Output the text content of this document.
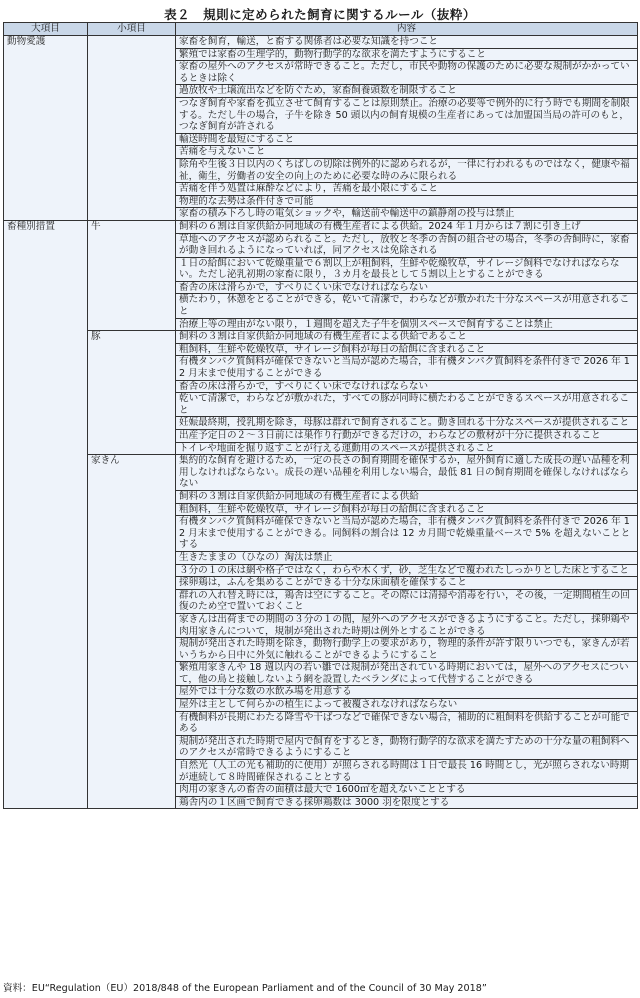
表２　規則に定められた飼育に関するルール（抜粋）
大項目	小項目	内容
動物愛護		家畜を飼育，輸送，と畜する関係者は必要な知識を持つこと
		繁殖では家畜の生理学的，動物行動学的な欲求を満たすようにすること
		家畜の屋外へのアクセスが常時できること。ただし，市民や動物の保護のために必要な規制がかかっているときは除く
		過放牧や土壌流出などを防ぐため，家畜飼養頭数を制限すること
		つなぎ飼育や家畜を孤立させて飼育することは原則禁止。治療の必要等で例外的に行う時でも期間を制限する。ただし牛の場合，子牛を除き 50 頭以内の飼育規模の生産者にあっては加盟国当局の許可のもと，つなぎ飼育が許される
		輸送時間を最短にすること
		苦痛を与えないこと
		除角や生後３日以内のくちばしの切除は例外的に認められるが，一律に行われるものではなく，健康や福祉，衛生，労働者の安全の向上のために必要な時のみに限られる
		苦痛を伴う処置は麻酔などにより，苦痛を最小限にすること
		物理的な去勢は条件付きで可能
		家畜の積み下ろし時の電気ショックや，輸送前や輸送中の鎮静剤の投与は禁止
畜種別措置	牛	飼料の６割は自家供給か同地域の有機生産者による供給。2024 年１月からは７割に引き上げ
		草地へのアクセスが認められること。ただし，放牧と冬季の舎飼の組合せの場合，冬季の舎飼時に，家畜が動き回れるようになっていれば，同アクセスは免除される
		１日の給餌において乾燥重量で６割以上が粗飼料，生鮮や乾燥牧草，サイレージ飼料でなければならない。ただし泌乳初期の家畜に限り，３カ月を最長として５割以上とすることができる
		畜舎の床は滑らかで，すべりにくい床でなければならない
		横たわり，休憩をとることができる，乾いて清潔で，わらなどが敷かれた十分なスペースが用意されること
		治療上等の理由がない限り，１週間を超えた子牛を個別スペースで飼育することは禁止
	豚	飼料の３割は自家供給か同地域の有機生産者による供給であること
		粗飼料，生鮮や乾燥牧草，サイレージ飼料が毎日の給餌に含まれること
		有機タンパク質飼料が確保できないと当局が認めた場合，非有機タンパク質飼料を条件付きで 2026 年 12 月末まで使用することができる
		畜舎の床は滑らかで，すべりにくい床でなければならない
		乾いて清潔で，わらなどが敷かれた，すべての豚が同時に横たわることができるスペースが用意されること
		妊娠最終期，授乳期を除き，母豚は群れで飼育されること。動き回れる十分なスペースが提供されること
		出産予定日の２〜３日前には巣作り行動ができるだけの，わらなどの敷材が十分に提供されること
		トイレや地面を掘り返すことが行える運動用のスペースが提供されること
	家きん	集約的な飼育を避けるため，一定の長さの飼育期間を確保するか，屋外飼育に適した成長の遅い品種を利用しなければならない。成長の遅い品種を利用しない場合，最低 81 日の飼育期間を確保しなければならない
		飼料の３割は自家供給か同地域の有機生産者による供給
		粗飼料，生鮮や乾燥牧草，サイレージ飼料が毎日の給餌に含まれること
		有機タンパク質飼料が確保できないと当局が認めた場合，非有機タンパク質飼料を条件付きで 2026 年 12 月末まで使用することができる。同飼料の割合は 12 カ月間で乾燥重量ベースで 5% を超えないこととする
		生きたままの（ひなの）淘汰は禁止
		３分の１の床は網や格子ではなく，わらや木くず，砂，芝生などで覆われたしっかりとした床とすること
		採卵鶏は，ふんを集めることができる十分な床面積を確保すること
		群れの入れ替え時には，鶏舎は空にすること。その際には清掃や消毒を行い，その後，一定期間植生の回復のため空で置いておくこと
		家きんは出荷までの期間の３分の１の間，屋外へのアクセスができるようにすること。ただし，採卵鶏や肉用家きんについて，規制が発出された時期は例外とすることができる
		規制が発出された時期を除き，動物行動学上の要求があり，物理的条件が許す限りいつでも，家きんが若いうちから日中に外気に触れることができるようにすること
		繁殖用家きんや 18 週以内の若い雛では規制が発出されている時期においては，屋外へのアクセスについて，他の鳥と接触しないよう網を設置したベランダによって代替することができる
		屋外では十分な数の水飲み場を用意する
		屋外は主として何らかの植生によって被覆されなければならない
		有機飼料が長期にわたる降雪や干ばつなどで確保できない場合，補助的に粗飼料を供給することが可能である
		規制が発出された時期で屋内で飼育をするとき，動物行動学的な欲求を満たすための十分な量の粗飼料へのアクセスが常時できるようにすること
		自然光（人工の光も補助的に使用）が照らされる時間は１日で最長 16 時間とし，光が照らされない時期が連続して８時間確保されることとする
		肉用の家きんの畜舎の面積は最大で 1600㎡を超えないこととする
		鶏舎内の１区画で飼育できる採卵鶏数は 3000 羽を限度とする
資料：EU“Regulation（EU）2018/848 of the European Parliament and of the Council of 30 May 2018”
